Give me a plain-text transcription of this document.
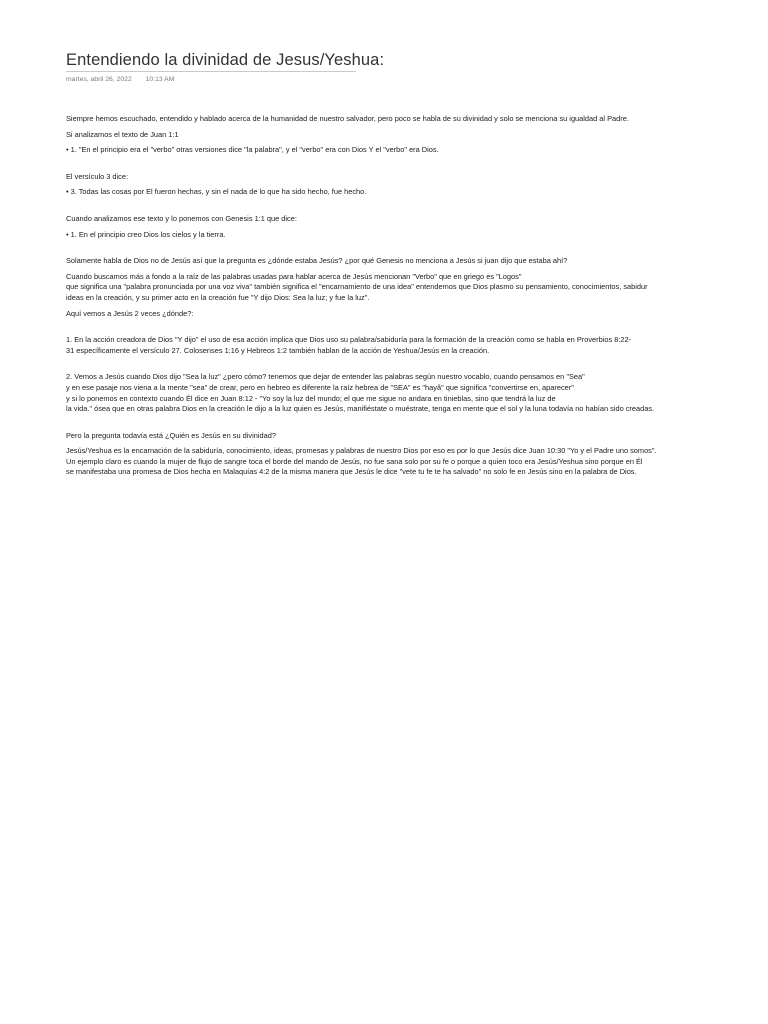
Entendiendo la divinidad de Jesus/Yeshua:
martes, abril 26, 2022 10:13 AM

Siempre hemos escuchado, entendido y hablado acerca de la humanidad de nuestro salvador, pero poco se habla de su divinidad y solo se menciona su igualdad al Padre.

Si analizamos el texto de Juan 1:1

• 1. "En el principio era el "verbo" otras versiones dice "la palabra", y el "verbo" era con Dios Y el "verbo" era Dios.

El versículo 3 dice:

• 3. Todas las cosas por El fueron hechas, y sin el nada de lo que ha sido hecho, fue hecho.

Cuando analizamos ese texto y lo ponemos con Genesis 1:1 que dice:

• 1. En el principio creo Dios los cielos y la tierra.

Solamente habla de Dios no de Jesús así que la pregunta es ¿dónde estaba Jesús? ¿por qué Genesis no menciona a Jesús si juan dijo que estaba ahí?

Cuando buscamos más a fondo a la raíz de las palabras usadas para hablar acerca de Jesús mencionan "Verbo" que en griego es "Logos"

que significa una "palabra pronunciada por una voz viva" también significa el "encarnamiento de una idea" entendemos que Dios plasmo su pensamiento, conocimientos, sabidur

ideas en la creación, y su primer acto en la creación fue "Y dijo Dios: Sea la luz; y fue la luz".

Aquí vemos a Jesús 2 veces ¿dónde?:

1. En la acción creadora de Dios "Y dijo" el uso de esa acción implica que Dios uso su palabra/sabiduría para la formación de la creación como se habla en Proverbios 8:22-

31 específicamente el versículo 27. Colosenses 1:16 y Hebreos 1:2 también hablan de la acción de Yeshua/Jesús en la creación.

2. Vemos a Jesús cuando Dios dijo "Sea la luz" ¿pero cómo? tenemos que dejar de entender las palabras según nuestro vocablo, cuando pensamos en "Sea"

y en ese pasaje nos viena a la mente "sea" de crear, pero en hebreo es diferente la raíz hebrea de "SEA" es "hayâ" que significa "convertirse en, aparecer"

y si lo ponemos en contexto cuando Él dice en Juan 8:12 - "Yo soy la luz del mundo; el que me sigue no andara en tinieblas, sino que tendrá la luz de

la vida." ósea que en otras palabra Dios en la creación le dijo a la luz quien es Jesús, manifiéstate o muéstrate, tenga en mente que el sol y la luna todavía no habían sido creadas.

Pero la pregunta todavía está ¿Quién es Jesús en su divinidad?

Jesús/Yeshua es la encarnación de la sabiduría, conocimiento, ideas, promesas y palabras de nuestro Dios por eso es por lo que Jesús dice Juan 10:30 "Yo y el Padre uno somos".

Un ejemplo claro es cuando la mujer de flujo de sangre toca el borde del mando de Jesús, no fue sana solo por su fe o porque a quien toco era Jesús/Yeshua sino porque en Él

se manifestaba una promesa de Dios hecha en Malaquías 4:2 de la misma manera que Jesús le dice "vete tu fe te ha salvado" no solo fe en Jesús sino en la palabra de Dios.
